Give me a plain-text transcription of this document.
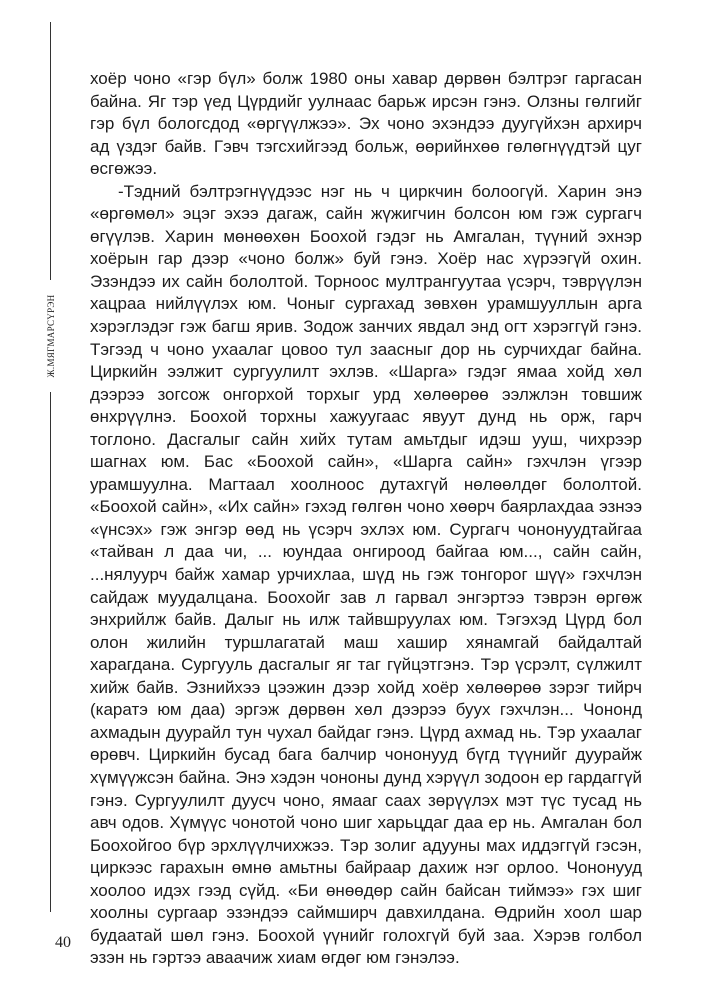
Ж.МЯГМАРСҮРЭН

хоёр чоно «гэр бүл» болж 1980 оны хавар дөрвөн бэлтрэг гаргасан байна. Яг тэр үед Цүрдийг уулнаас барьж ирсэн гэнэ. Олзны гөлгийг гэр бүл бологсдод «өргүүлжээ». Эх чоно эхэндээ дуугүйхэн архирч ад үздэг байв. Гэвч тэгсхийгээд больж, өөрийнхөө гөлөгнүүдтэй цуг өсгөжээ.

-Тэдний бэлтрэгнүүдээс нэг нь ч циркчин болоогүй. Харин энэ «өргөмөл» эцэг эхээ дагаж, сайн жүжигчин болсон юм гэж сургагч өгүүлэв. Харин мөнөөхөн Боохой гэдэг нь Амгалан, түүний эхнэр хоёрын гар дээр «чоно болж» буй гэнэ. Хоёр нас хүрээгүй охин. Эзэндээ их сайн бололтой. Торноос мултрангуутаа үсэрч, тэврүүлэн хацраа нийлүүлэх юм. Чоныг сургахад зөвхөн урамшууллын арга хэрэглэдэг гэж багш ярив. Зодож занчих явдал энд огт хэрэггүй гэнэ. Тэгээд ч чоно ухаалаг цовоо тул заасныг дор нь сурчихдаг байна. Циркийн ээлжит сургуулилт эхлэв. «Шарга» гэдэг ямаа хойд хөл дээрээ зогсож онгорхой торхыг урд хөлөөрөө ээлжлэн товшиж өнхрүүлнэ. Боохой торхны хажуугаас явуут дунд нь орж, гарч тоглоно. Дасгалыг сайн хийх тутам амьтдыг идэш ууш, чихрээр шагнах юм. Бас «Боохой сайн», «Шарга сайн» гэхчлэн үгээр урамшуулна. Магтаал хоолноос дутахгүй нөлөөлдөг бололтой. «Боохой сайн», «Их сайн» гэхэд гөлгөн чоно хөөрч баярлахдаа эзнээ «үнсэх» гэж энгэр өөд нь үсэрч эхлэх юм. Сургагч чононуудтайгаа «тайван л даа чи, ... юундаа онгироод байгаа юм..., сайн сайн, ...нялуурч байж хамар урчихлаа, шүд нь гэж тонгорог шүү» гэхчлэн сайдаж муудалцана. Боохойг зав л гарвал энгэртээ тэврэн өргөж энхрийлж байв. Далыг нь илж тайвшруулах юм. Тэгэхэд Цүрд бол олон жилийн туршлагатай маш хашир хянамгай байдалтай харагдана. Сургууль дасгалыг яг таг гүйцэтгэнэ. Тэр үсрэлт, сүлжилт хийж байв. Эзнийхээ цээжин дээр хойд хоёр хөлөөрөө зэрэг тийрч (каратэ юм даа) эргэж дөрвөн хөл дээрээ буух гэхчлэн... Чононд ахмадын дуурайл тун чухал байдаг гэнэ. Цүрд ахмад нь. Тэр ухаалаг өрөвч. Циркийн бусад бага балчир чононууд бүгд түүнийг дуурайж хүмүүжсэн байна. Энэ хэдэн чононы дунд хэрүүл зодоон ер гардаггүй гэнэ. Сургуулилт дуусч чоно, ямааг саах зөрүүлэх мэт түс тусад нь авч одов. Хүмүүс чонотой чоно шиг харьцдаг даа ер нь. Амгалан бол Боохойгоо бүр эрхлүүлчихжээ. Тэр золиг адууны мах иддэггүй гэсэн, циркээс гарахын өмнө амьтны байраар дахиж нэг орлоо. Чононууд хоолоо идэх гээд сүйд. «Би өнөөдөр сайн байсан тиймээ» гэх шиг хоолны сургаар эзэндээ саймширч давхилдана. Өдрийн хоол шар будаатай шөл гэнэ. Боохой үүнийг голохгүй буй заа. Хэрэв голбол эзэн нь гэртээ аваачиж хиам өгдөг юм гэнэлээ.

40
